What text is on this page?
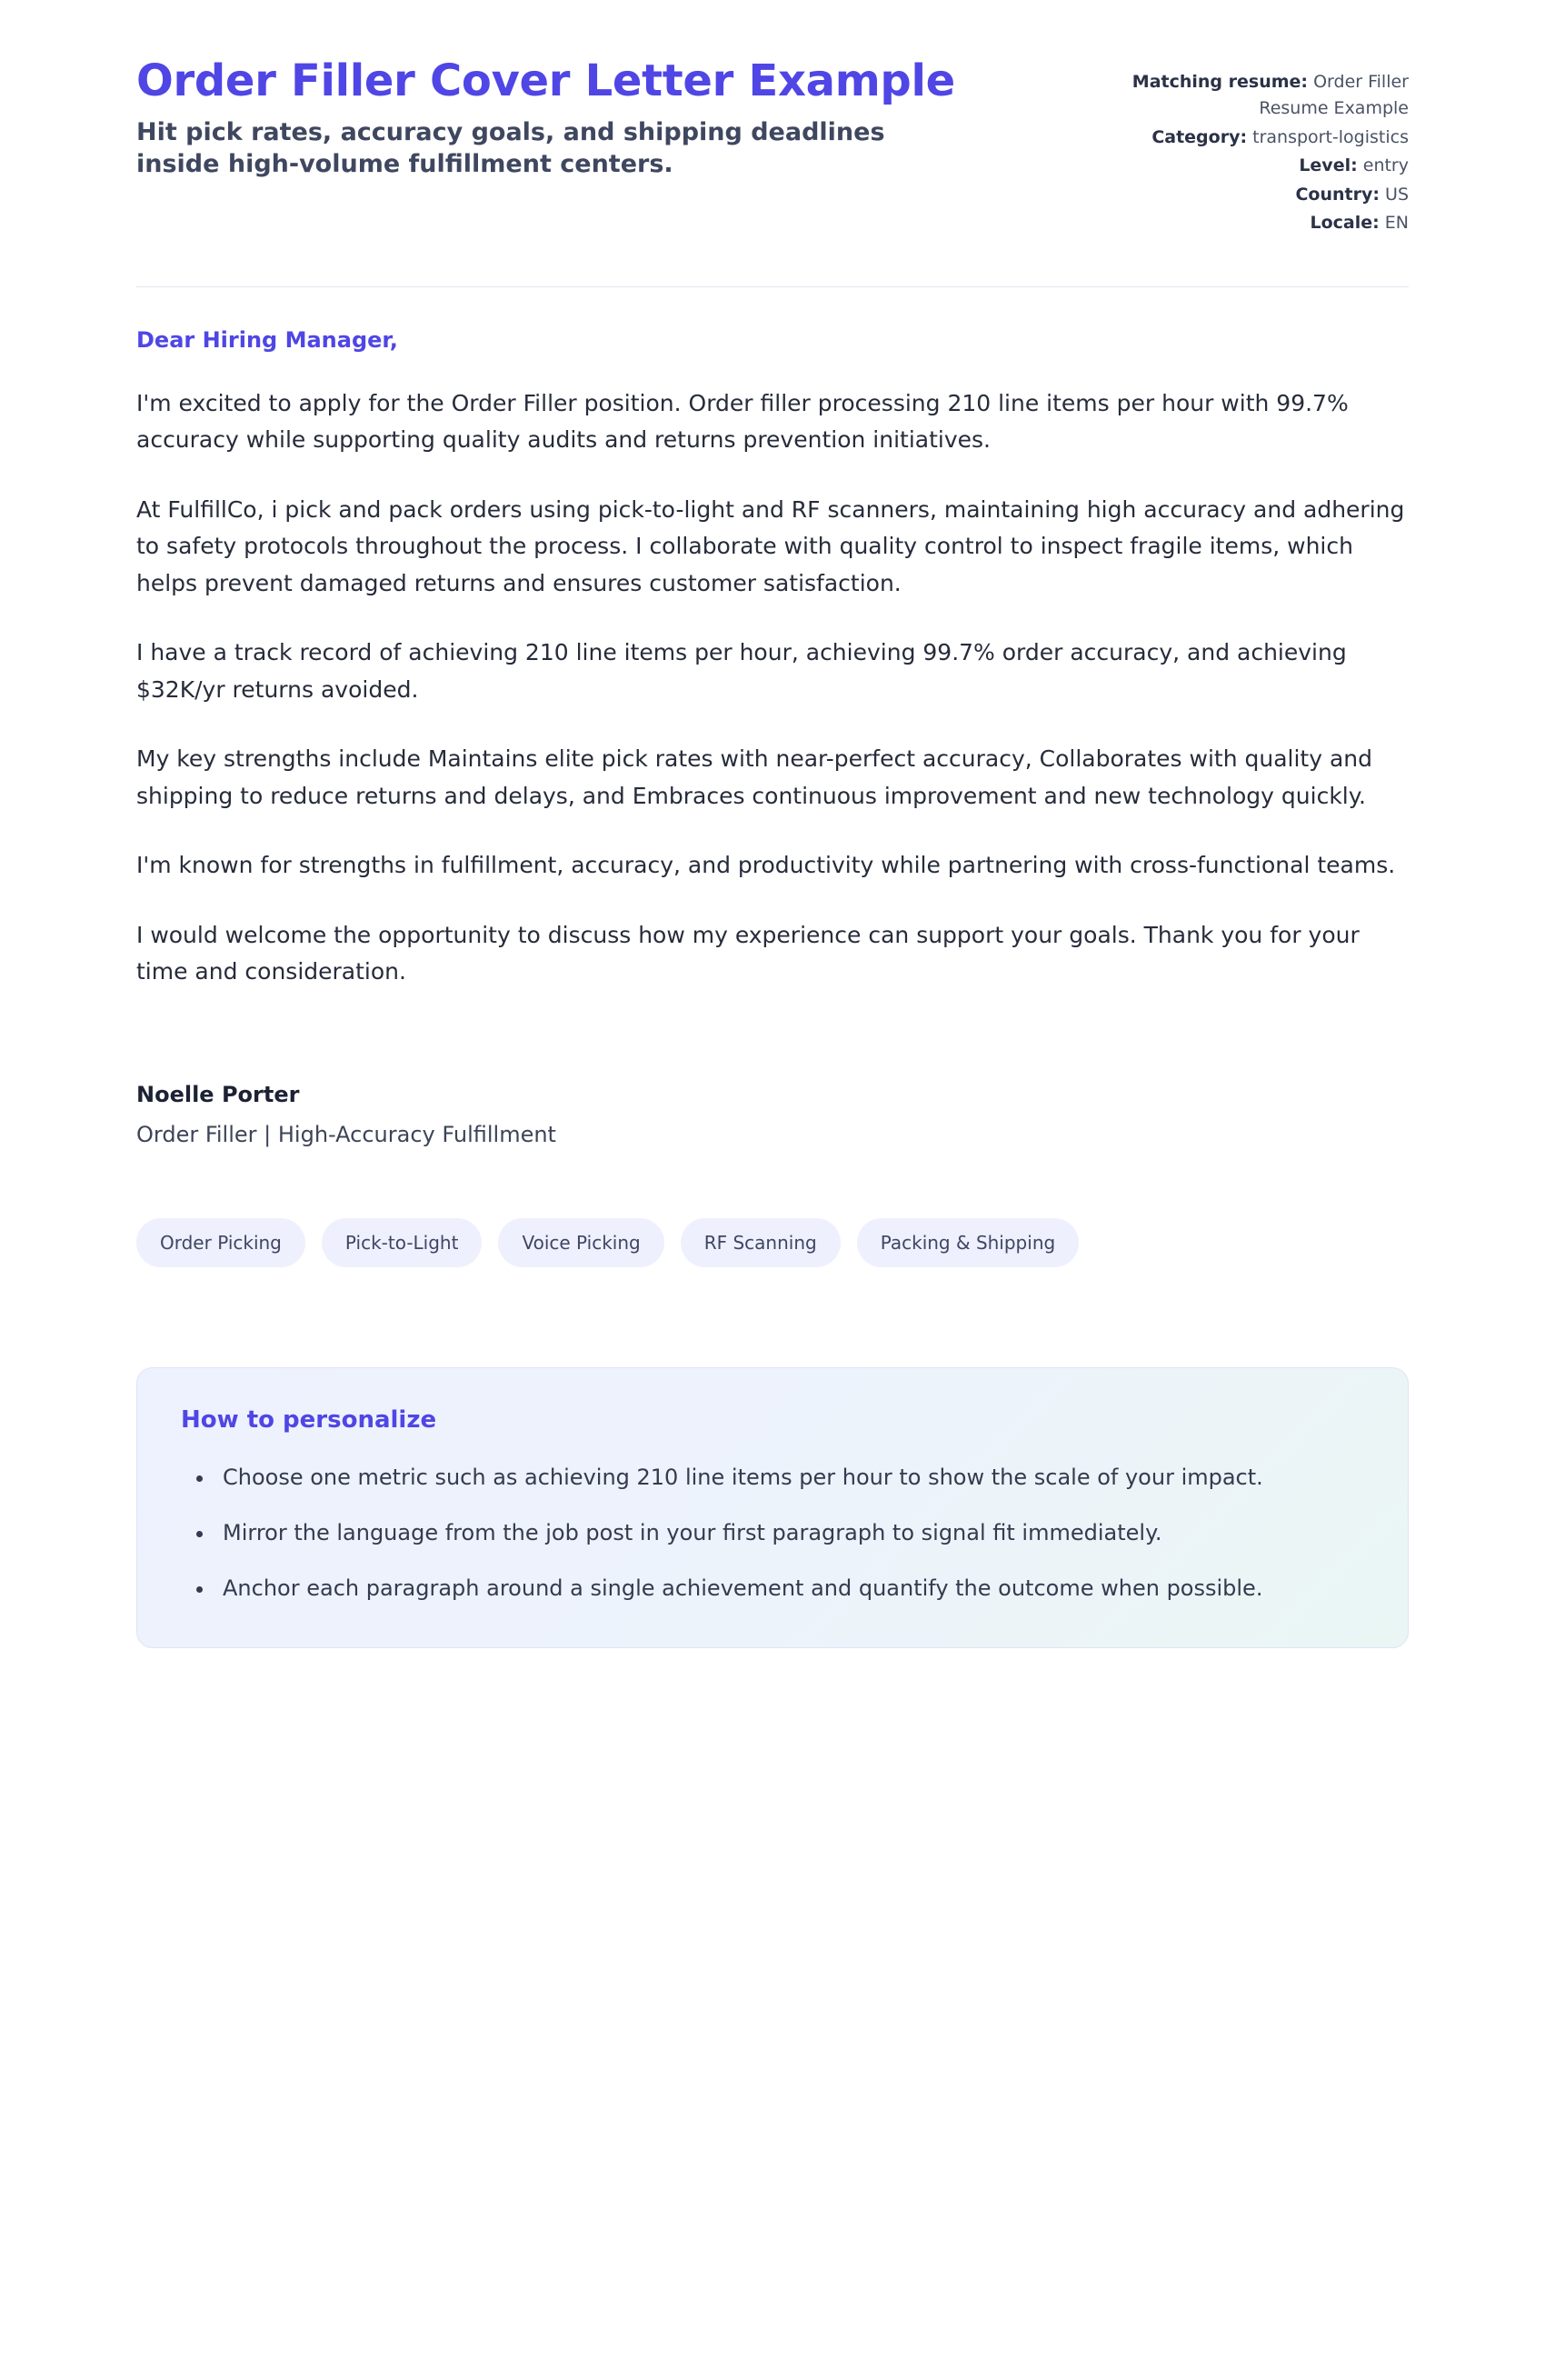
Order Filler Cover Letter Example

Hit pick rates, accuracy goals, and shipping deadlines inside high-volume fulfillment centers.

Matching resume: Order Filler Resume Example
Category: transport-logistics
Level: entry
Country: US
Locale: EN

Dear Hiring Manager,

I'm excited to apply for the Order Filler position. Order filler processing 210 line items per hour with 99.7% accuracy while supporting quality audits and returns prevention initiatives.

At FulfillCo, i pick and pack orders using pick-to-light and RF scanners, maintaining high accuracy and adhering to safety protocols throughout the process. I collaborate with quality control to inspect fragile items, which helps prevent damaged returns and ensures customer satisfaction.

I have a track record of achieving 210 line items per hour, achieving 99.7% order accuracy, and achieving $32K/yr returns avoided.

My key strengths include Maintains elite pick rates with near-perfect accuracy, Collaborates with quality and shipping to reduce returns and delays, and Embraces continuous improvement and new technology quickly.

I'm known for strengths in fulfillment, accuracy, and productivity while partnering with cross-functional teams.

I would welcome the opportunity to discuss how my experience can support your goals. Thank you for your time and consideration.

Noelle Porter

Order Filler | High-Accuracy Fulfillment

Order Picking	Pick-to-Light	Voice Picking	RF Scanning	Packing & Shipping
How to personalize
• Choose one metric such as achieving 210 line items per hour to show the scale of your impact.
• Mirror the language from the job post in your first paragraph to signal fit immediately.
• Anchor each paragraph around a single achievement and quantify the outcome when possible.
